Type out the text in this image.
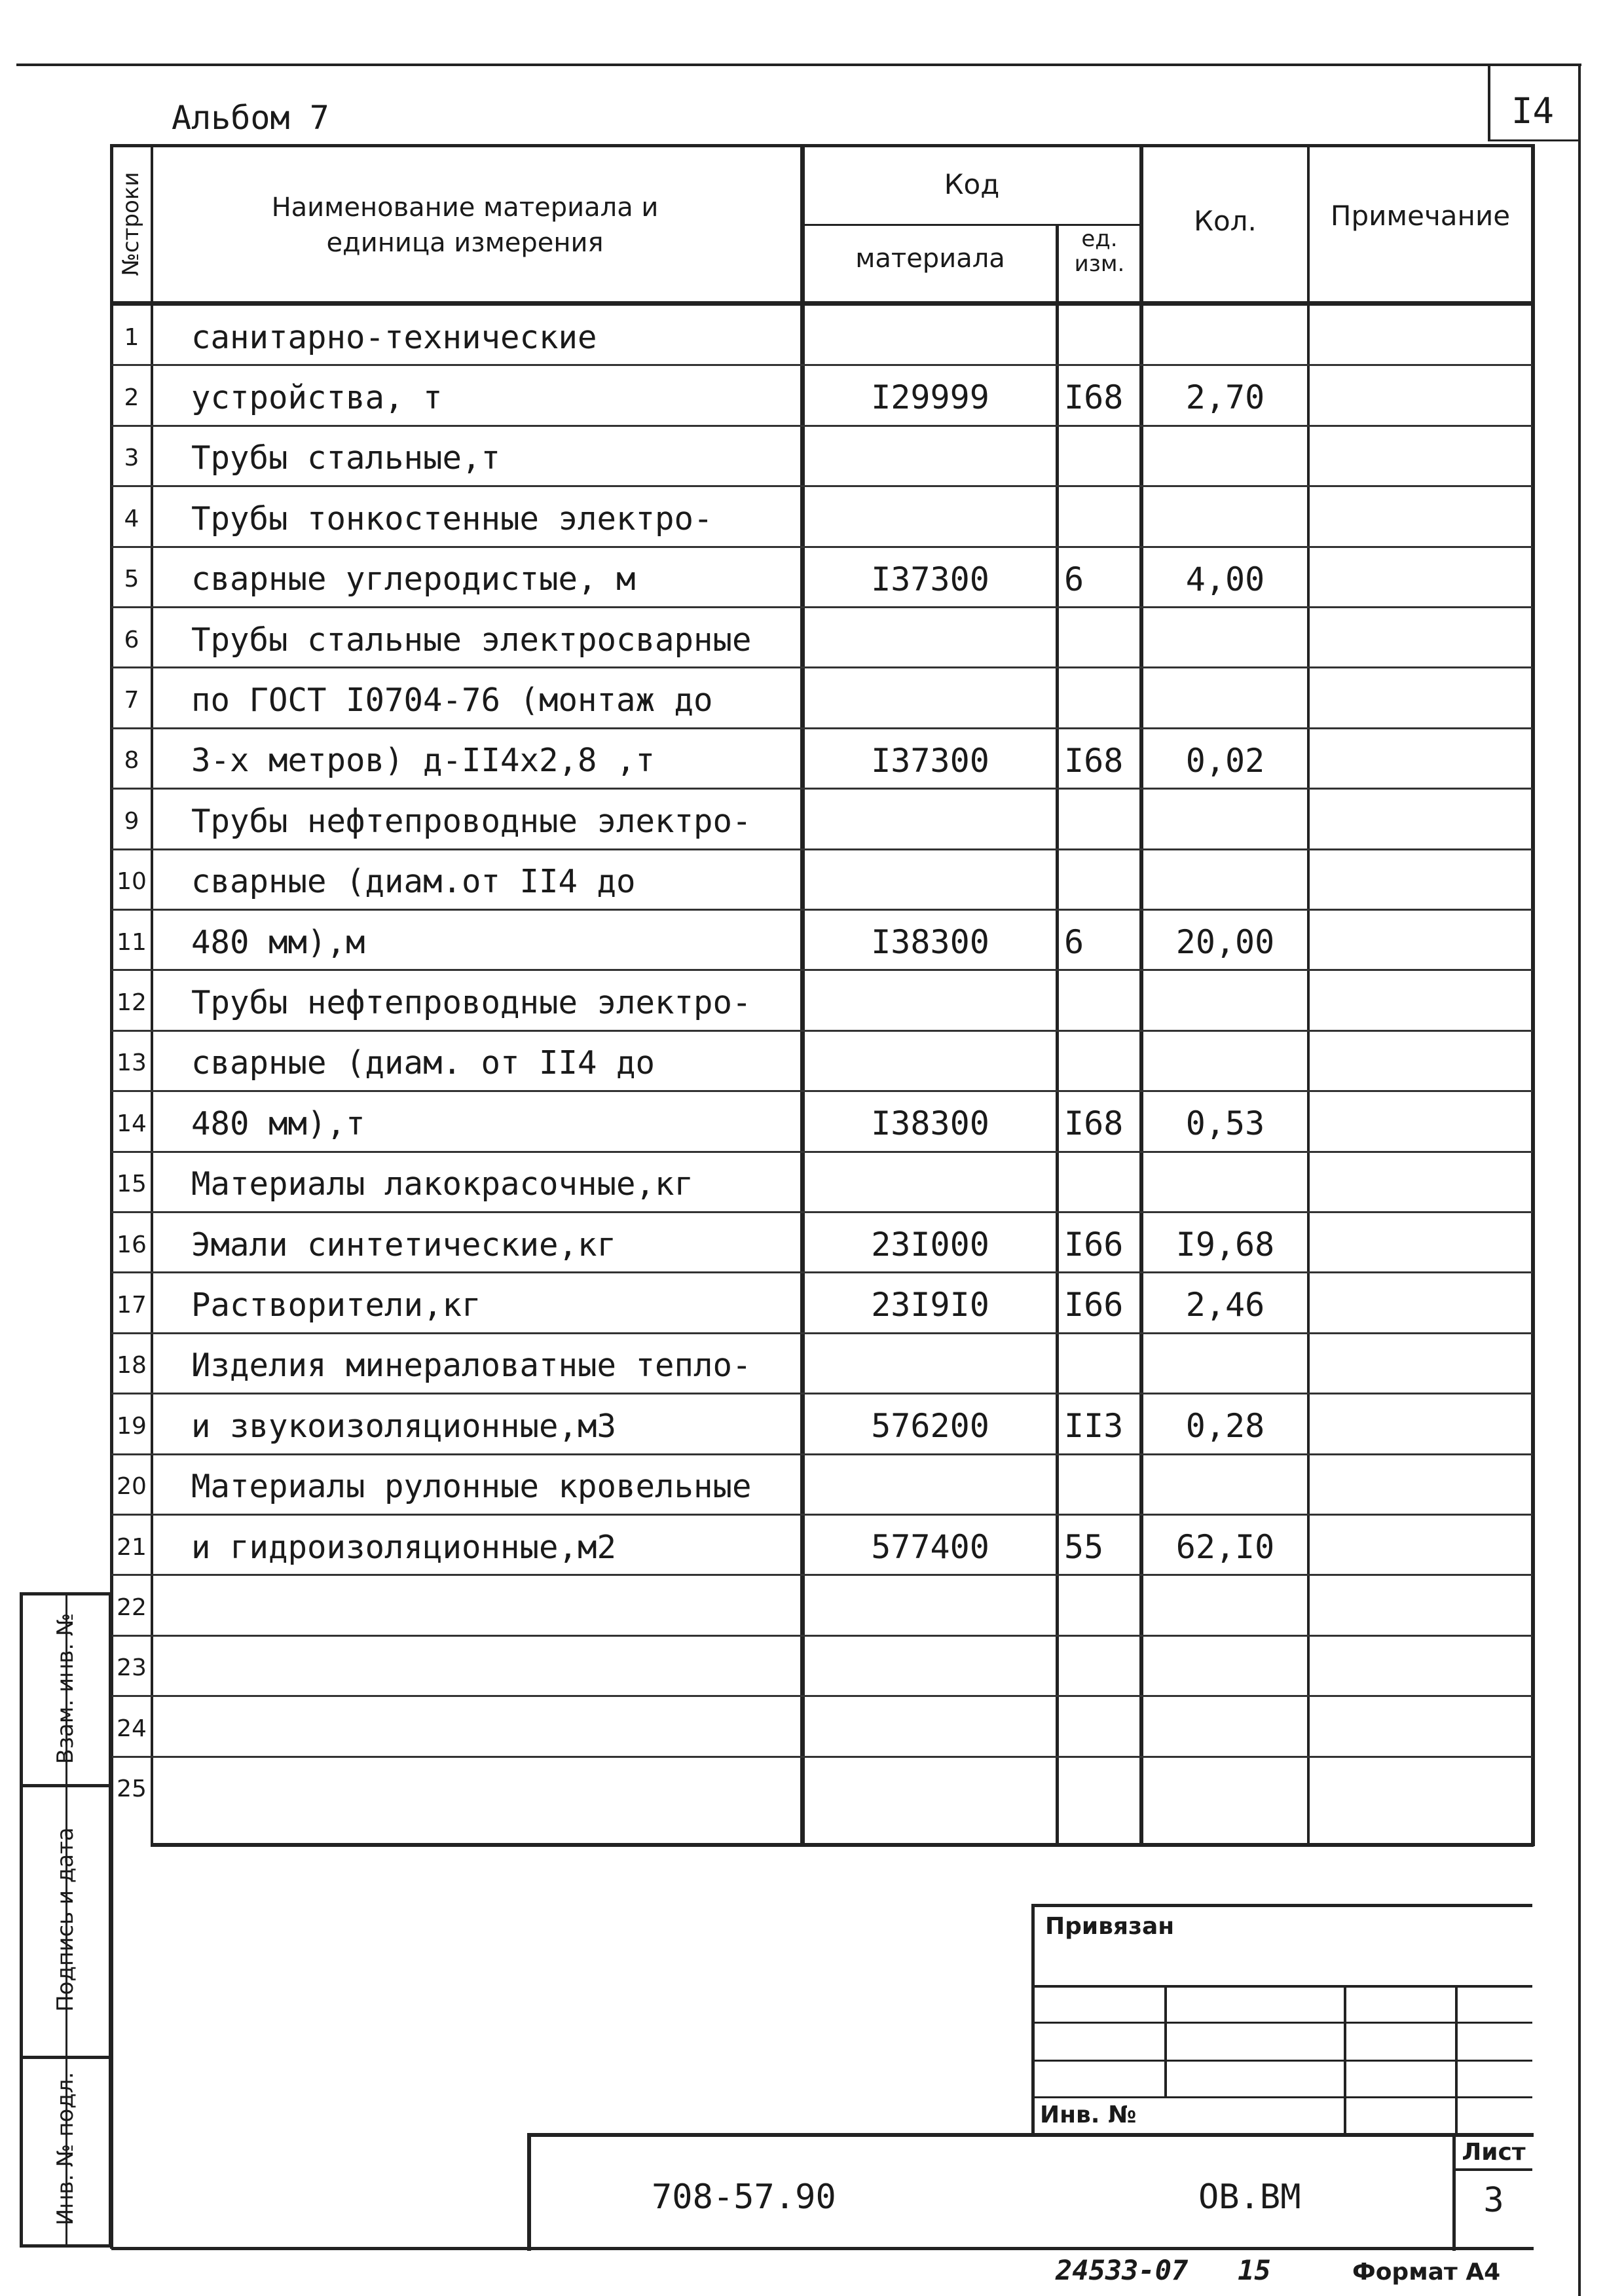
Альбом 7	I4
№строки	Наименование материала и единица измерения
Код
материала
ед. изм.
Кол.	Примечание
1	санитарно-технические
2	устройства, т	I29999	I68	2,70
3	Трубы стальные,т
4	Трубы тонкостенные электро-
5	сварные углеродистые, м	I37300	6	4,00
6	Трубы стальные электросварные
7	по ГОСТ I0704-76 (монтаж до
8	3-х метров) д-II4x2,8 ,т	I37300	I68	0,02
9	Трубы нефтепроводные электро-
10 сварные (диам.от II4 до
11 480 мм),м	I38300	6	20,00
12 Трубы нефтепроводные электро-
13 сварные (диам. от II4 до
14 480 мм),т	I38300	I68	0,53
15 Материалы лакокрасочные,кг
16 Эмали синтетические,кг	23I000	I66	I9,68
17 Растворители,кг	23I9I0	I66	2,46
18 Изделия минераловатные тепло-
19 и звукоизоляционные,м3	576200	II3	0,28
20 Материалы рулонные кровельные
21 и гидроизоляционные,м2	577400	55	62,I0
22
23
24
25
Взам. инв. №
Подпись и дата
Инв. № подл.
Привязан
Инв. №
708-57.90	ОВ.ВМ
Лист
3
24533-07   15	Формат А4
